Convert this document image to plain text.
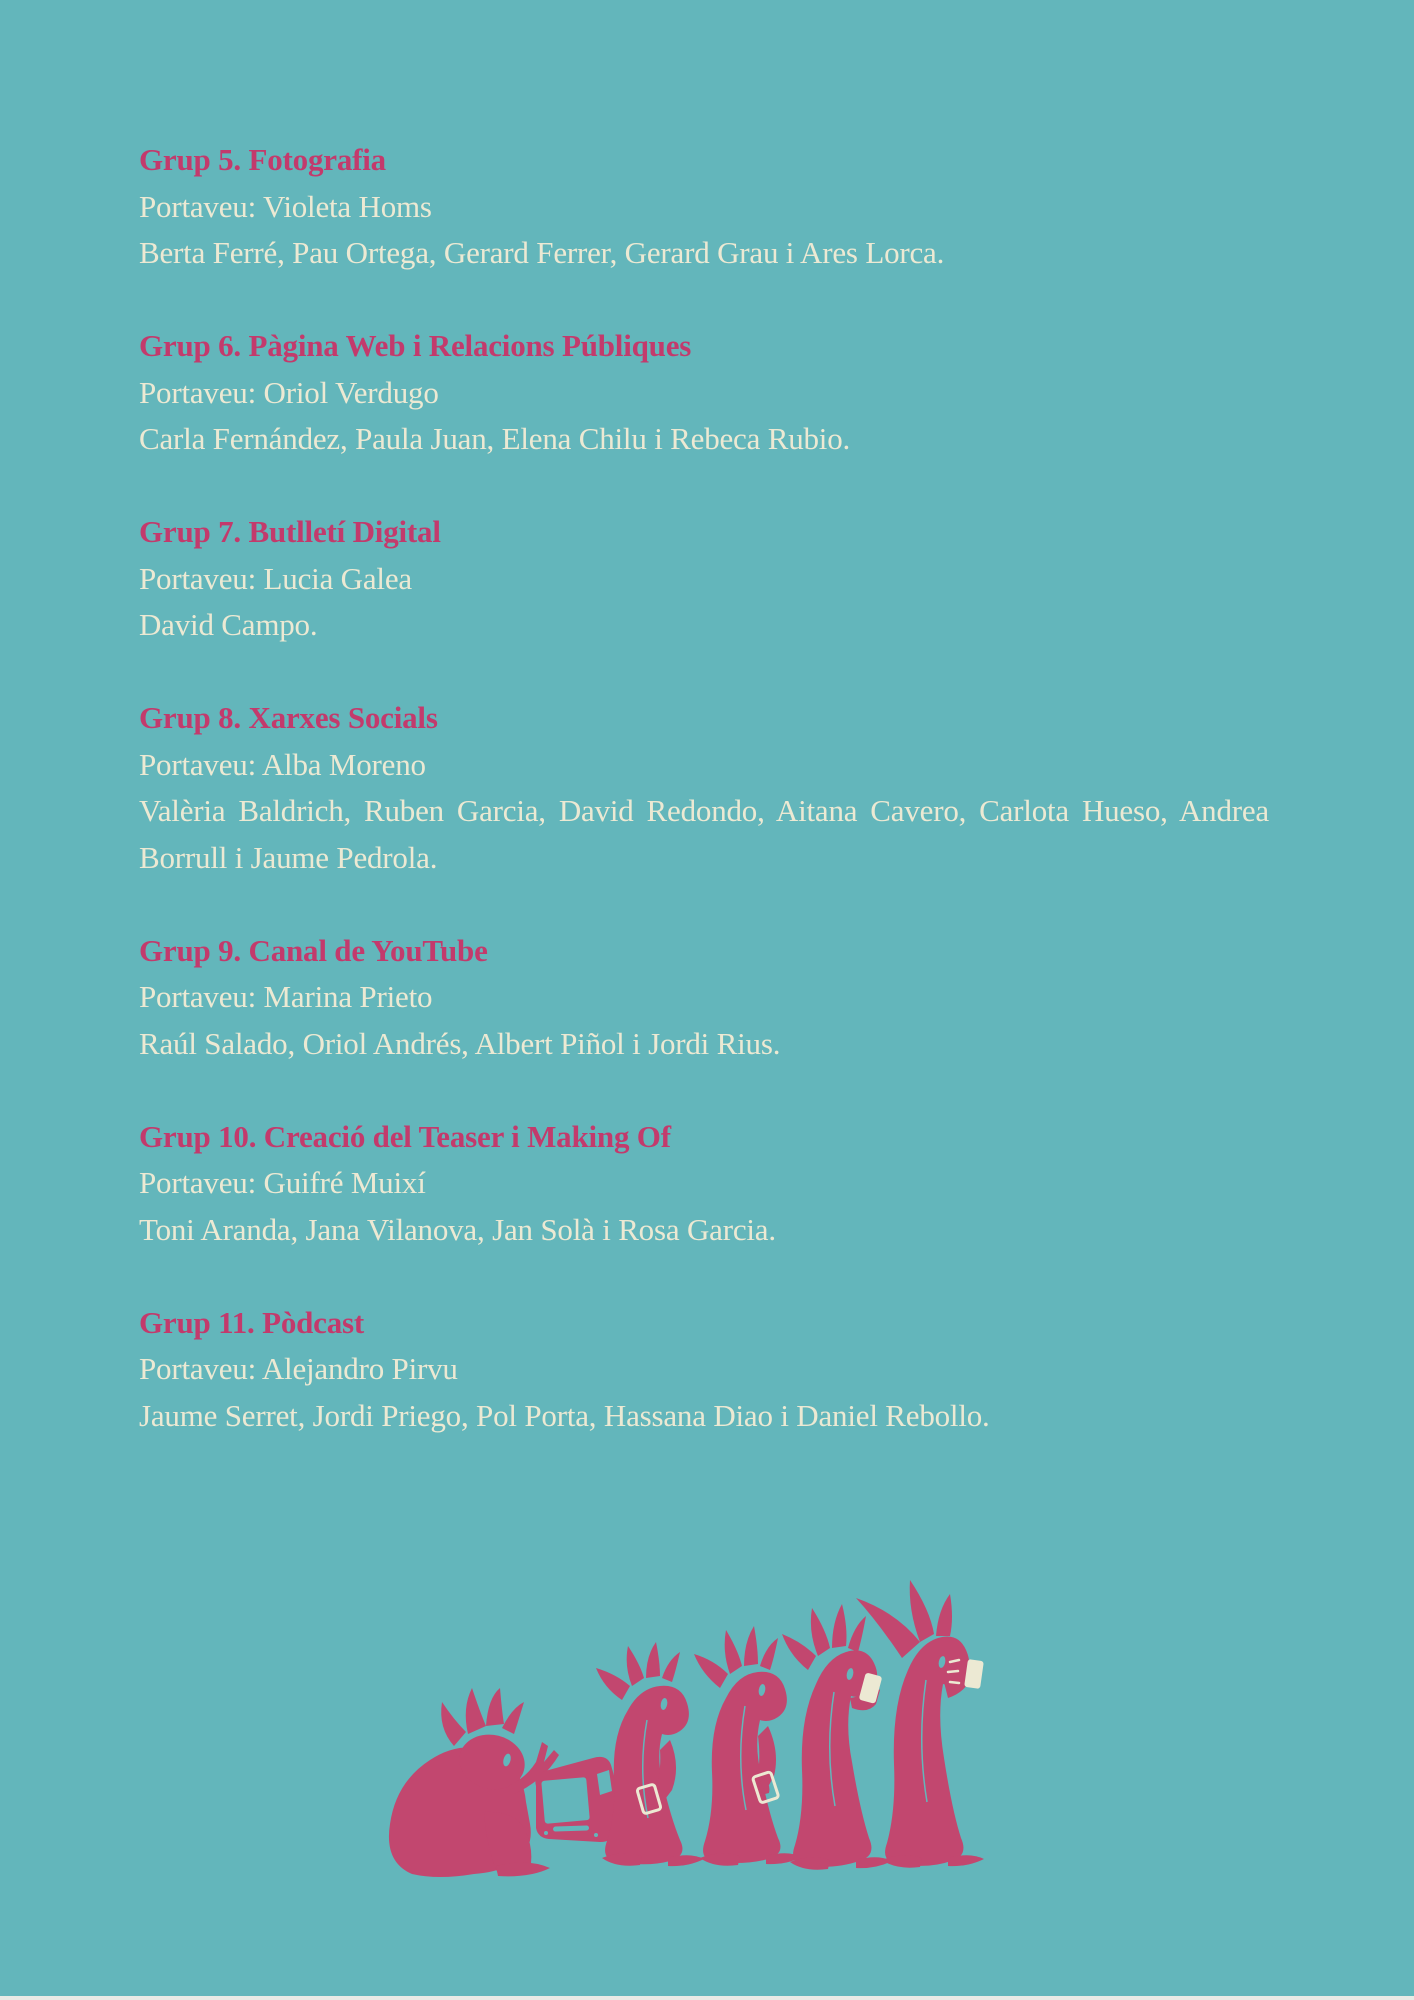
Grup 5. Fotografia

Portaveu: Violeta Homs

Berta Ferré, Pau Ortega, Gerard Ferrer, Gerard Grau i Ares Lorca.

Grup 6. Pàgina Web i Relacions Públiques

Portaveu: Oriol Verdugo

Carla Fernández, Paula Juan, Elena Chilu i Rebeca Rubio.

Grup 7. Butlletí Digital

Portaveu: Lucia Galea

David Campo.

Grup 8. Xarxes Socials

Portaveu: Alba Moreno

Valèria Baldrich, Ruben Garcia, David Redondo, Aitana Cavero, Carlota Hueso, Andrea Borrull i Jaume Pedrola.

Grup 9. Canal de YouTube

Portaveu: Marina Prieto

Raúl Salado, Oriol Andrés, Albert Piñol i Jordi Rius.

Grup 10. Creació del Teaser i Making Of

Portaveu: Guifré Muixí

Toni Aranda, Jana Vilanova, Jan Solà i Rosa Garcia.

Grup 11. Pòdcast

Portaveu: Alejandro Pirvu

Jaume Serret, Jordi Priego, Pol Porta, Hassana Diao i Daniel Rebollo.
